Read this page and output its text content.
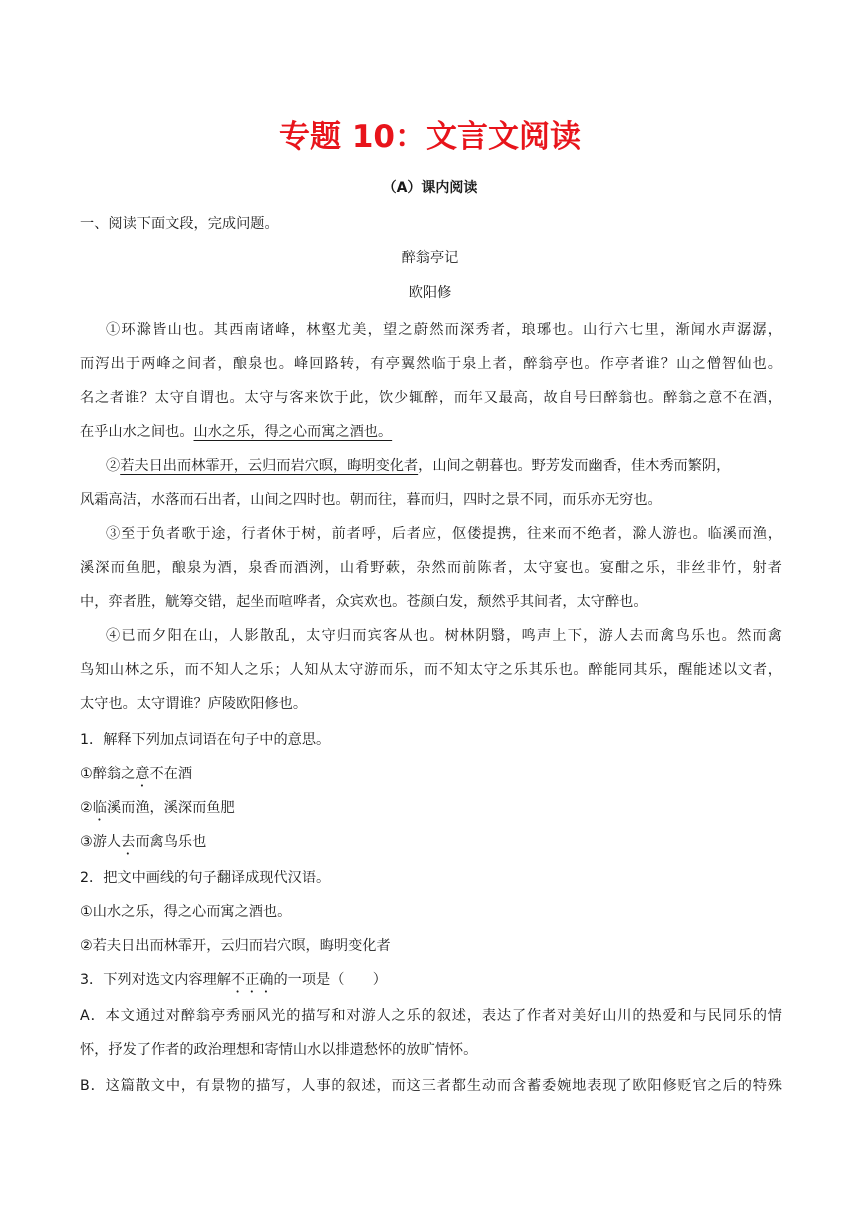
专题 10：文言文阅读
（A）课内阅读
一、阅读下面文段，完成问题。
醉翁亭记
欧阳修
①环滁皆山也。其西南诸峰，林壑尤美，望之蔚然而深秀者，琅琊也。山行六七里，渐闻水声潺潺，
而泻出于两峰之间者，酿泉也。峰回路转，有亭翼然临于泉上者，醉翁亭也。作亭者谁？山之僧智仙也。
名之者谁？太守自谓也。太守与客来饮于此，饮少辄醉，而年又最高，故自号曰醉翁也。醉翁之意不在酒，
在乎山水之间也。山水之乐，得之心而寓之酒也。
②若夫日出而林霏开，云归而岩穴暝，晦明变化者，山间之朝暮也。野芳发而幽香，佳木秀而繁阴，
风霜高洁，水落而石出者，山间之四时也。朝而往，暮而归，四时之景不同，而乐亦无穷也。
③至于负者歌于途，行者休于树，前者呼，后者应，伛偻提携，往来而不绝者，滁人游也。临溪而渔，
溪深而鱼肥，酿泉为酒，泉香而酒洌，山肴野蔌，杂然而前陈者，太守宴也。宴酣之乐，非丝非竹，射者
中，弈者胜，觥筹交错，起坐而喧哗者，众宾欢也。苍颜白发，颓然乎其间者，太守醉也。
④已而夕阳在山，人影散乱，太守归而宾客从也。树林阴翳，鸣声上下，游人去而禽鸟乐也。然而禽
鸟知山林之乐，而不知人之乐；人知从太守游而乐，而不知太守之乐其乐也。醉能同其乐，醒能述以文者，
太守也。太守谓谁？庐陵欧阳修也。
1．解释下列加点词语在句子中的意思。
①醉翁之意不在酒
②临溪而渔，溪深而鱼肥
③游人去而禽鸟乐也
2．把文中画线的句子翻译成现代汉语。
①山水之乐，得之心而寓之酒也。
②若夫日出而林霏开，云归而岩穴暝，晦明变化者
3．下列对选文内容理解不正确的一项是（　　）
A．本文通过对醉翁亭秀丽风光的描写和对游人之乐的叙述，表达了作者对美好山川的热爱和与民同乐的情
怀，抒发了作者的政治理想和寄情山水以排遣愁怀的放旷情怀。
B．这篇散文中，有景物的描写，人事的叙述，而这三者都生动而含蓄委婉地表现了欧阳修贬官之后的特殊
